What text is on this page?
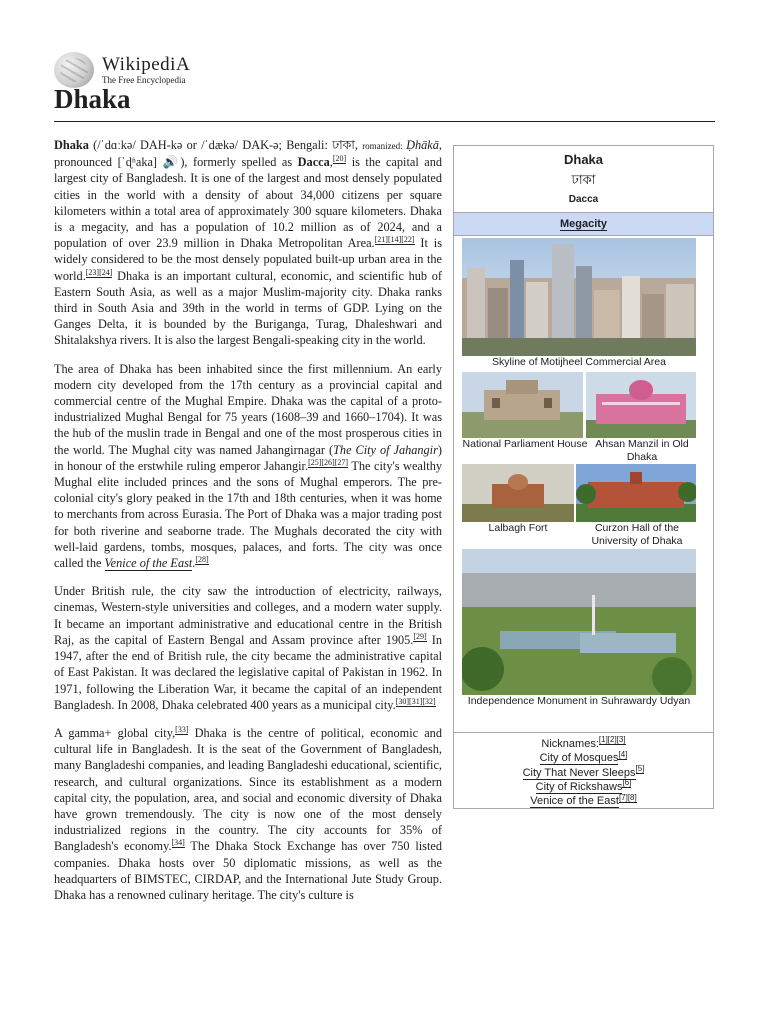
WikipediA
The Free Encyclopedia
Dhaka

Dhaka (/ˈdɑːkə/ DAH-kə or /ˈdækə/ DAK-ə; Bengali: ঢাকা, romanized: Ḍhākā, pronounced [ˈɖʱaka] 🔊), formerly spelled as Dacca,[20] is the capital and largest city of Bangladesh. It is one of the largest and most densely populated cities in the world with a density of about 34,000 citizens per square kilometers within a total area of approximately 300 square kilometers. Dhaka is a megacity, and has a population of 10.2 million as of 2024, and a population of over 23.9 million in Dhaka Metropolitan Area.[21][14][22] It is widely considered to be the most densely populated built-up urban area in the world.[23][24] Dhaka is an important cultural, economic, and scientific hub of Eastern South Asia, as well as a major Muslim-majority city. Dhaka ranks third in South Asia and 39th in the world in terms of GDP. Lying on the Ganges Delta, it is bounded by the Buriganga, Turag, Dhaleshwari and Shitalakshya rivers. It is also the largest Bengali-speaking city in the world.

The area of Dhaka has been inhabited since the first millennium. An early modern city developed from the 17th century as a provincial capital and commercial centre of the Mughal Empire. Dhaka was the capital of a proto-industrialized Mughal Bengal for 75 years (1608–39 and 1660–1704). It was the hub of the muslin trade in Bengal and one of the most prosperous cities in the world. The Mughal city was named Jahangirnagar (The City of Jahangir) in honour of the erstwhile ruling emperor Jahangir.[25][26][27] The city's wealthy Mughal elite included princes and the sons of Mughal emperors. The pre-colonial city's glory peaked in the 17th and 18th centuries, when it was home to merchants from across Eurasia. The Port of Dhaka was a major trading post for both riverine and seaborne trade. The Mughals decorated the city with well-laid gardens, tombs, mosques, palaces, and forts. The city was once called the Venice of the East.[28]

Under British rule, the city saw the introduction of electricity, railways, cinemas, Western-style universities and colleges, and a modern water supply. It became an important administrative and educational centre in the British Raj, as the capital of Eastern Bengal and Assam province after 1905.[29] In 1947, after the end of British rule, the city became the administrative capital of East Pakistan. It was declared the legislative capital of Pakistan in 1962. In 1971, following the Liberation War, it became the capital of an independent Bangladesh. In 2008, Dhaka celebrated 400 years as a municipal city.[30][31][32]

A gamma+ global city,[33] Dhaka is the centre of political, economic and cultural life in Bangladesh. It is the seat of the Government of Bangladesh, many Bangladeshi companies, and leading Bangladeshi educational, scientific, research, and cultural organizations. Since its establishment as a modern capital city, the population, area, and social and economic diversity of Dhaka have grown tremendously. The city is now one of the most densely industrialized regions in the country. The city accounts for 35% of Bangladesh's economy.[34] The Dhaka Stock Exchange has over 750 listed companies. Dhaka hosts over 50 diplomatic missions, as well as the headquarters of BIMSTEC, CIRDAP, and the International Jute Study Group. Dhaka has a renowned culinary heritage. The city's culture is

Dhaka
ঢাকা
Dacca
Megacity
Skyline of Motijheel Commercial Area
National Parliament House Ahsan Manzil in Old Dhaka
Lalbagh Fort	Curzon Hall of the University of Dhaka
Independence Monument in Suhrawardy Udyan
Nicknames:[1][2][3]
City of Mosques[4]
City That Never Sleeps[5]
City of Rickshaws[6]
Venice of the East[7][8]
